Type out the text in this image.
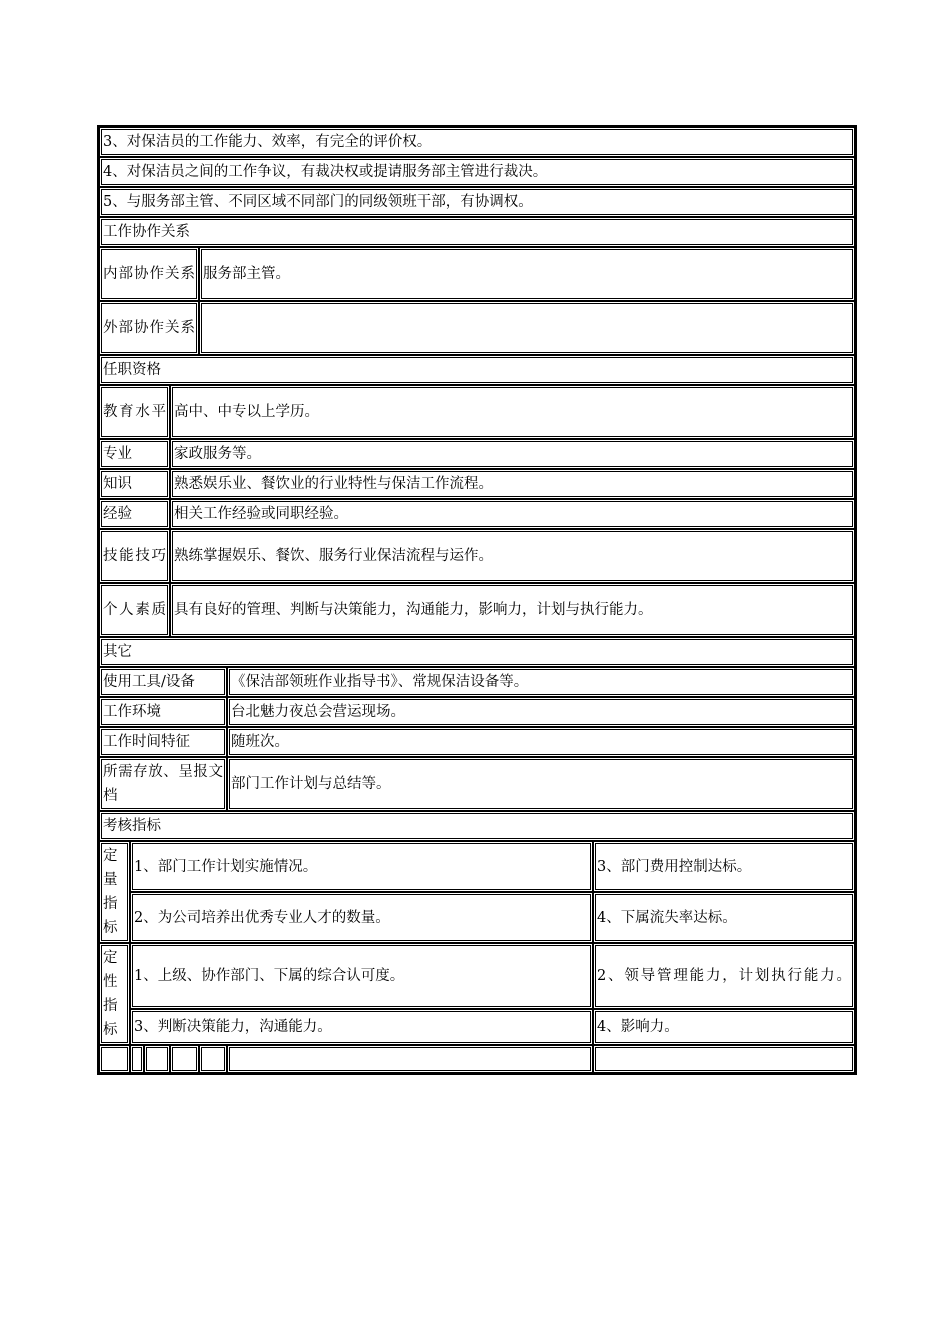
3、对保洁员的工作能力、效率，有完全的评价权。						
4、对保洁员之间的工作争议，有裁决权或提请服务部主管进行裁决。						
5、与服务部主管、不同区域不同部门的同级领班干部，有协调权。						
工作协作关系						
内部协作关系				服务部主管。		
外部协作关系						
任职资格						
教育水平			高中、中专以上学历。			
专业			家政服务等。			
知识			熟悉娱乐业、餐饮业的行业特性与保洁工作流程。			
经验			相关工作经验或同职经验。			
技能技巧			熟练掌握娱乐、餐饮、服务行业保洁流程与运作。			
个人素质			具有良好的管理、判断与决策能力，沟通能力，影响力，计划与执行能力。			
其它						
使用工具/设备					《保洁部领班作业指导书》、常规保洁设备等。	
工作环境					台北魅力夜总会营运现场。	
工作时间特征					随班次。	
所需存放、呈报文档					部门工作计划与总结等。	
考核指标						
定量指标	1、部门工作计划实施情况。					3、部门费用控制达标。
	2、为公司培养出优秀专业人才的数量。					4、下属流失率达标。
定性指标	1、上级、协作部门、下属的综合认可度。					2、领导管理能力，计划执行能力。
	3、判断决策能力，沟通能力。					4、影响力。
